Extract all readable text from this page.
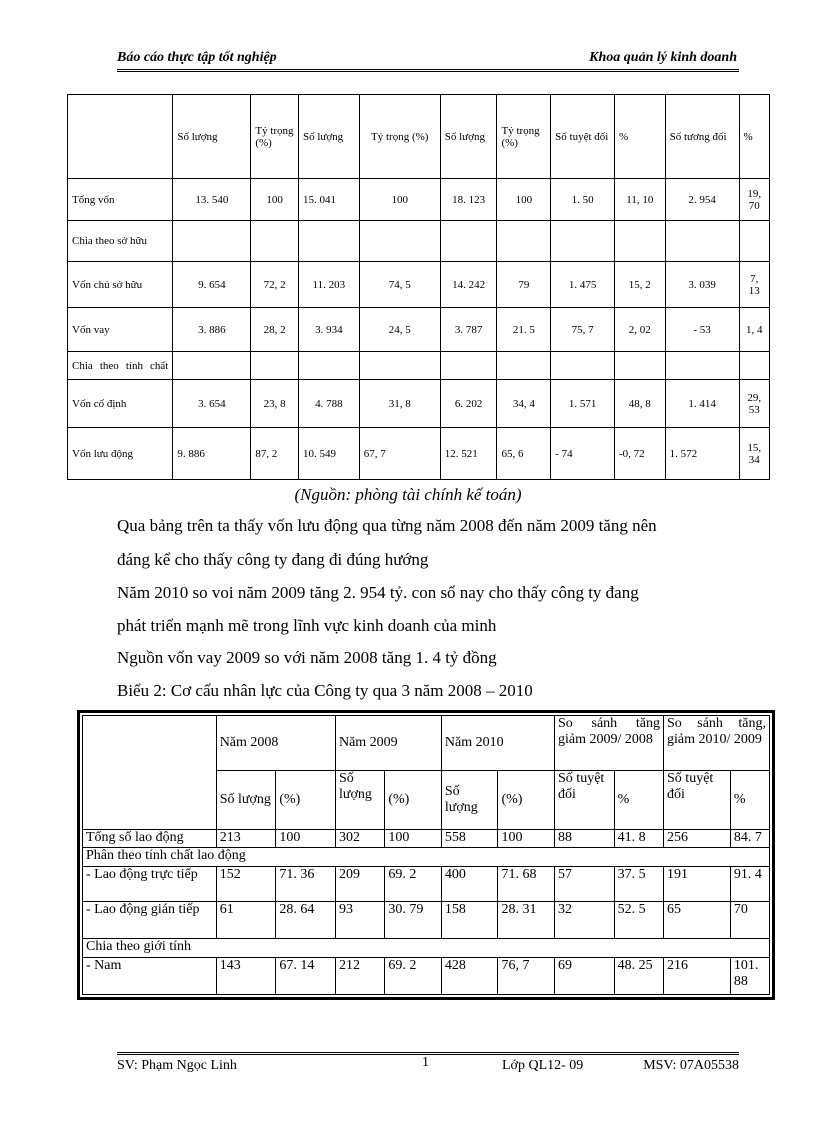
Báo cáo thực tập tốt nghiệp	Khoa quản lý kinh doanh
	Số lượng	Tỷ trọng (%)	Số lượng	Tỷ trọng (%)	Số lượng	Tỷ trọng (%)	Số tuyệt đối	%	Số tương đối	%
Tổng vốn	13. 540	100	15. 041	100	18. 123	100	1. 50	11, 10	2. 954	19, 70
Chia theo sở hữu										
Vốn chủ sở hữu	9. 654	72, 2	11. 203	74, 5	14. 242	79	1. 475	15, 2	3. 039	7, 13
Vốn vay	3. 886	28, 2	3. 934	24, 5	3. 787	21. 5	75, 7	2, 02	- 53	1, 4
Chia theo tính chất										
Vốn cố định	3. 654	23, 8	4. 788	31, 8	6. 202	34, 4	1. 571	48, 8	1. 414	29, 53
Vốn lưu động	9. 886	87, 2	10. 549	67, 7	12. 521	65, 6	- 74	-0, 72	1. 572	15, 34
(Nguồn: phòng tài chính kế toán)
Qua bảng trên ta thấy vốn lưu động qua từng năm 2008 đến năm 2009 tăng nên
đáng kể cho thấy công ty đang đi đúng hướng
Năm 2010 so voi năm 2009 tăng 2. 954 tỷ. con số nay cho thấy công ty đang
phát triển mạnh mẽ trong lĩnh vực kinh doanh của minh
Nguồn vốn vay 2009 so với năm 2008 tăng 1. 4 tỷ đồng
Biểu 2: Cơ cấu nhân lực của Công ty qua 3 năm 2008 – 2010
	Năm 2008		Năm 2009		Năm 2010		So sánh tăng giảm 2009/ 2008		So sánh tăng, giảm 2010/ 2009	
	Số lượng	(%)	Số lượng	(%)	Số lượng	(%)	Số tuyệt đối	%	Số tuyệt đối	%
Tổng số lao động	213	100	302	100	558	100	88	41. 8	256	84. 7
Phân theo tính chất lao động										
- Lao động trực tiếp	152	71. 36	209	69. 2	400	71. 68	57	37. 5	191	91. 4
- Lao động gián tiếp	61	28. 64	93	30. 79	158	28. 31	32	52. 5	65	70
Chia theo giới tính										
- Nam	143	67. 14	212	69. 2	428	76, 7	69	48. 25	216	101. 88
SV: Phạm Ngọc Linh	1	Lớp QL12- 09	MSV: 07A05538
